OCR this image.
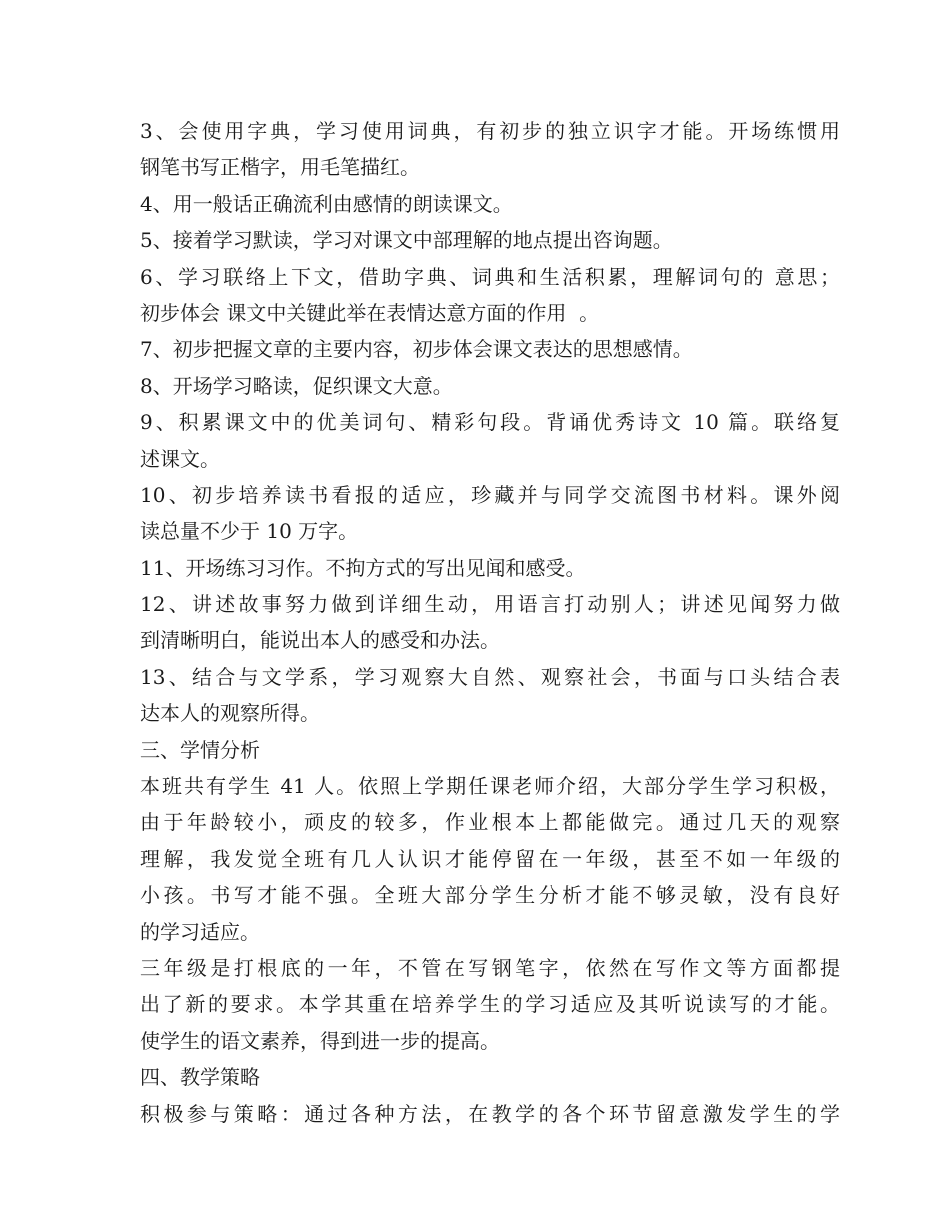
3、会使用字典，学习使用词典，有初步的独立识字才能。开场练惯用
钢笔书写正楷字，用毛笔描红。
4、用一般话正确流利由感情的朗读课文。
5、接着学习默读，学习对课文中部理解的地点提出咨询题。
6、学习联络上下文，借助字典、词典和生活积累，理解词句的 意思；
初步体会 课文中关键此举在表情达意方面的作用  。
7、初步把握文章的主要内容，初步体会课文表达的思想感情。
8、开场学习略读，促织课文大意。
9、积累课文中的优美词句、精彩句段。背诵优秀诗文 10 篇。联络复
述课文。
10、初步培养读书看报的适应，珍藏并与同学交流图书材料。课外阅
读总量不少于 10 万字。
11、开场练习习作。不拘方式的写出见闻和感受。
12、讲述故事努力做到详细生动，用语言打动别人；讲述见闻努力做
到清晰明白，能说出本人的感受和办法。
13、结合与文学系，学习观察大自然、观察社会，书面与口头结合表
达本人的观察所得。
三、学情分析
本班共有学生 41 人。依照上学期任课老师介绍，大部分学生学习积极，
由于年龄较小，顽皮的较多，作业根本上都能做完。通过几天的观察
理解，我发觉全班有几人认识才能停留在一年级，甚至不如一年级的
小孩。书写才能不强。全班大部分学生分析才能不够灵敏，没有良好
的学习适应。
三年级是打根底的一年，不管在写钢笔字，依然在写作文等方面都提
出了新的要求。本学其重在培养学生的学习适应及其听说读写的才能。
使学生的语文素养，得到进一步的提高。
四、教学策略
积极参与策略：通过各种方法，在教学的各个环节留意激发学生的学
